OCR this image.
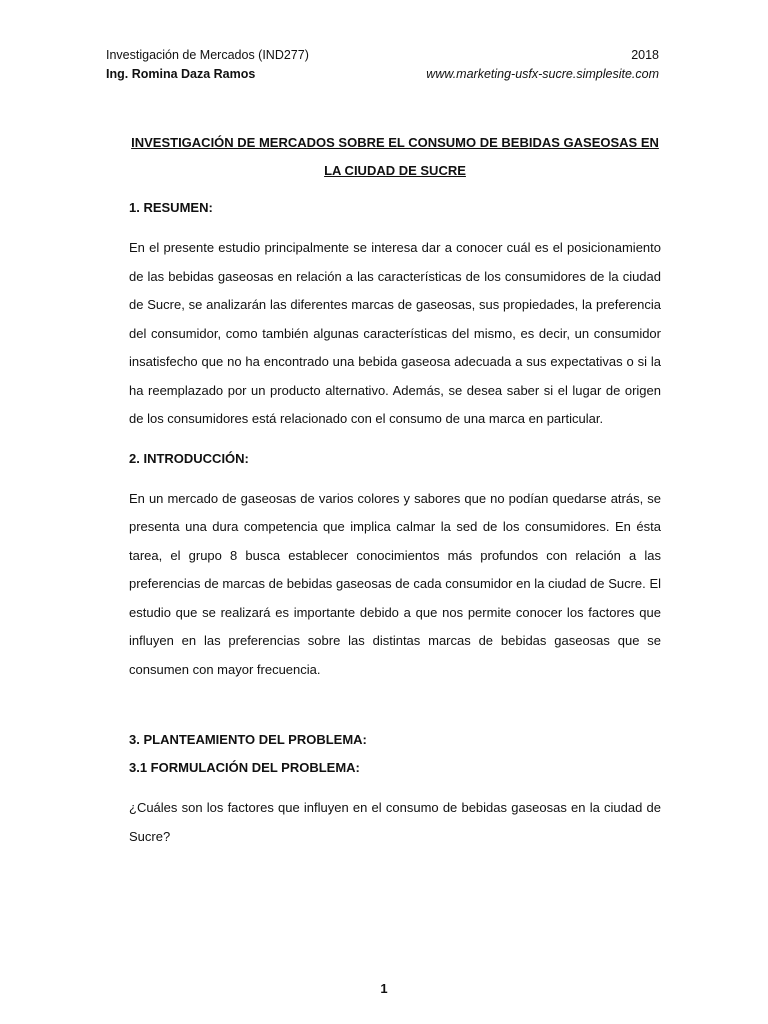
Investigación de Mercados (IND277)
Ing. Romina Daza Ramos
2018
www.marketing-usfx-sucre.simplesite.com

INVESTIGACIÓN DE MERCADOS SOBRE EL CONSUMO DE BEBIDAS GASEOSAS EN LA CIUDAD DE SUCRE

1. RESUMEN:

En el presente estudio principalmente se interesa dar a conocer cuál es el posicionamiento de las bebidas gaseosas en relación a las características de los consumidores de la ciudad de Sucre, se analizarán las diferentes marcas de gaseosas, sus propiedades, la preferencia del consumidor, como también algunas características del mismo, es decir, un consumidor insatisfecho que no ha encontrado una bebida gaseosa adecuada a sus expectativas o si la ha reemplazado por un producto alternativo. Además, se desea saber si el lugar de origen de los consumidores está relacionado con el consumo de una marca en particular.

2. INTRODUCCIÓN:

En un mercado de gaseosas de varios colores y sabores que no podían quedarse atrás, se presenta una dura competencia que implica calmar la sed de los consumidores. En ésta tarea, el grupo 8 busca establecer conocimientos más profundos con relación a las preferencias de marcas de bebidas gaseosas de cada consumidor en la ciudad de Sucre. El estudio que se realizará es importante debido a que nos permite conocer los factores que influyen en las preferencias sobre las distintas marcas de bebidas gaseosas que se consumen con mayor frecuencia.

3. PLANTEAMIENTO DEL PROBLEMA:

3.1 FORMULACIÓN DEL PROBLEMA:

¿Cuáles son los factores que influyen en el consumo de bebidas gaseosas en la ciudad de Sucre?

1
